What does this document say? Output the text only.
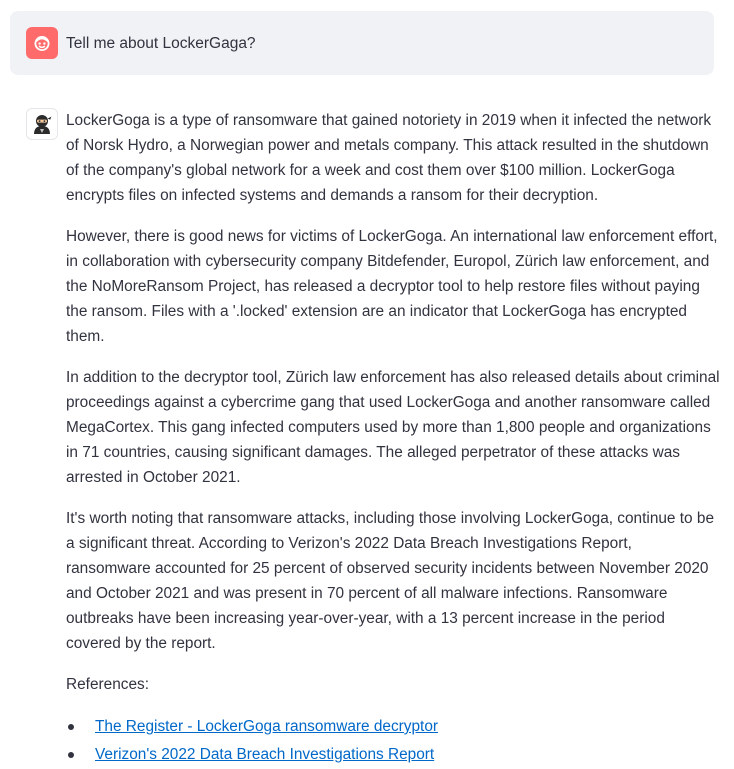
Tell me about LockerGaga?

LockerGoga is a type of ransomware that gained notoriety in 2019 when it infected the network of Norsk Hydro, a Norwegian power and metals company. This attack resulted in the shutdown of the company's global network for a week and cost them over $100 million. LockerGoga encrypts files on infected systems and demands a ransom for their decryption.

However, there is good news for victims of LockerGoga. An international law enforcement effort, in collaboration with cybersecurity company Bitdefender, Europol, Zürich law enforcement, and the NoMoreRansom Project, has released a decryptor tool to help restore files without paying the ransom. Files with a '.locked' extension are an indicator that LockerGoga has encrypted them.

In addition to the decryptor tool, Zürich law enforcement has also released details about criminal proceedings against a cybercrime gang that used LockerGoga and another ransomware called MegaCortex. This gang infected computers used by more than 1,800 people and organizations in 71 countries, causing significant damages. The alleged perpetrator of these attacks was arrested in October 2021.

It's worth noting that ransomware attacks, including those involving LockerGoga, continue to be a significant threat. According to Verizon's 2022 Data Breach Investigations Report, ransomware accounted for 25 percent of observed security incidents between November 2020 and October 2021 and was present in 70 percent of all malware infections. Ransomware outbreaks have been increasing year-over-year, with a 13 percent increase in the period covered by the report.

References:

The Register - LockerGoga ransomware decryptor
Verizon's 2022 Data Breach Investigations Report
